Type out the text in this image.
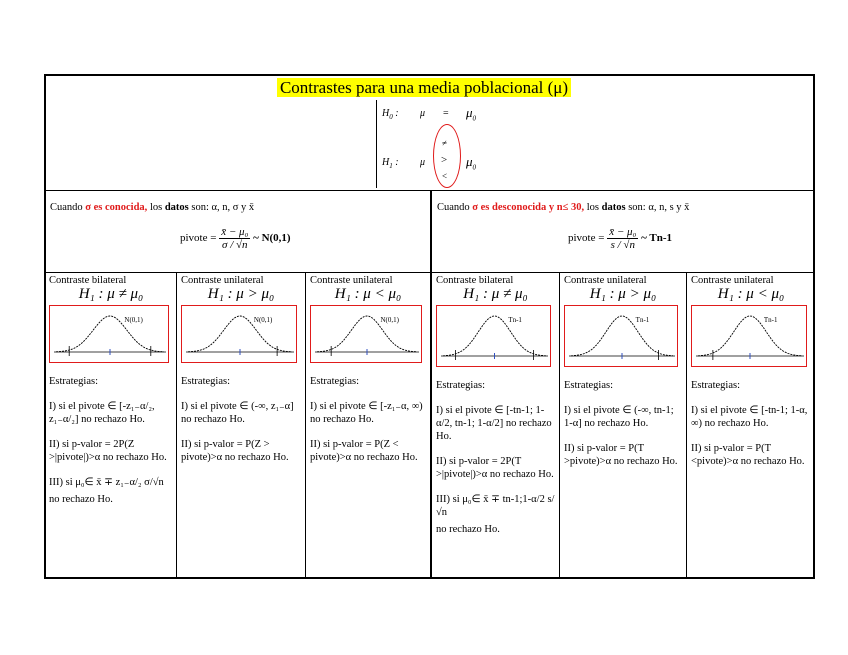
Contrastes para una media poblacional (μ)
$H_0$ : $\mu = \mu_0$
$H_1$ : μ
≠
>
<
$\mu_0$
Cuando σ es conocida, los datos son: α, n, σ y x̄
pivote = $\frac{\text{x̄ − μ₀}}{\sigma / √n}$ ~ N(0,1)
Cuando σ es desconocida y n≤ 30, los datos son: α, n, s y x̄
pivote = $\frac{\text{x̄ − μ₀}}{s / √n}$ ~ Tn-1
Contraste bilateral
H₁ : μ ≠ μ₀
N(0,1)

Estrategias:

I) si el pivote ∈ [-z₁₋α/₂, z₁₋α/₂] no rechazo Ho.

II) si p-valor = 2P(Z >|pivote|)>α no rechazo Ho.

III) si μ₀∈ x̄ ∓ z₁₋α/₂ σ/√n

no rechazo Ho.

Contraste unilateral
H₁ : μ > μ₀
N(0,1)

Estrategias:

I) si el pivote ∈ (-∞, z₁₋α] no rechazo Ho.

II) si p-valor = P(Z > pivote)>α no rechazo Ho.

Contraste unilateral
H₁ : μ < μ₀
N(0,1)

Estrategias:

I) si el pivote ∈ [-z₁₋α, ∞) no rechazo Ho.

II) si p-valor = P(Z < pivote)>α no rechazo Ho.

Contraste bilateral
H₁ : μ ≠ μ₀
Tn-1

Estrategias:

I) si el pivote ∈ [-tn-1; 1-α/2, tn-1; 1-α/2] no rechazo Ho.

II) si p-valor = 2P(T >|pivote|)>α no rechazo Ho.

III) si μ₀∈ x̄ ∓ tn-1;1-α/2 s/√n

no rechazo Ho.

Contraste unilateral
H₁ : μ > μ₀
Tn-1

Estrategias:

I) si el pivote ∈ (-∞, tn-1; 1-α] no rechazo Ho.

II) si p-valor = P(T >pivote)>α no rechazo Ho.

Contraste unilateral
H₁ : μ < μ₀
Tn-1

Estrategias:

I) si el pivote ∈ [-tn-1; 1-α, ∞) no rechazo Ho.

II) si p-valor = P(T <pivote)>α no rechazo Ho.
